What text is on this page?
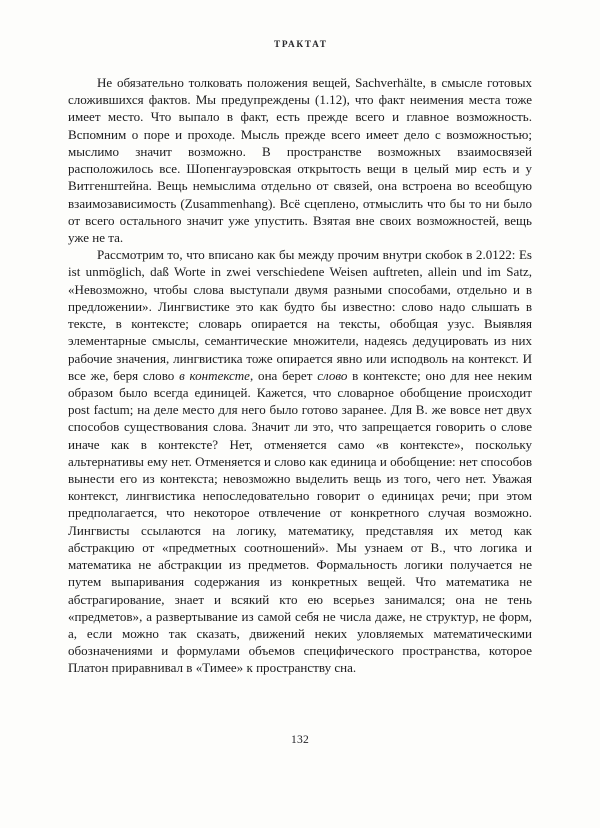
ТРАКТАТ

Не обязательно толковать положения вещей, Sachverhälte, в смысле готовых сложившихся фактов. Мы предупреждены (1.12), что факт неимения места тоже имеет место. Что выпало в факт, есть прежде всего и главное возможность. Вспомним о поре и проходе. Мысль прежде всего имеет дело с возможностью; мыслимо значит возможно. В пространстве возможных взаимосвязей расположилось все. Шопенгауэровская открытость вещи в целый мир есть и у Витгенштейна. Вещь немыслима отдельно от связей, она встроена во всеобщую взаимозависимость (Zusammenhang). Всё сцеплено, отмыслить что бы то ни было от всего остального значит уже упустить. Взятая вне своих возможностей, вещь уже не та.

Рассмотрим то, что вписано как бы между прочим внутри скобок в 2.0122: Es ist unmöglich, daß Worte in zwei verschiedene Weisen auftreten, allein und im Satz, «Невозможно, чтобы слова выступали двумя разными способами, отдельно и в предложении». Лингвистике это как будто бы известно: слово надо слышать в тексте, в контексте; словарь опирается на тексты, обобщая узус. Выявляя элементарные смыслы, семантические множители, надеясь дедуцировать из них рабочие значения, лингвистика тоже опирается явно или исподволь на контекст. И все же, беря слово в контексте, она берет слово в контексте; оно для нее неким образом было всегда единицей. Кажется, что словарное обобщение происходит post factum; на деле место для него было готово заранее. Для В. же вовсе нет двух способов существования слова. Значит ли это, что запрещается говорить о слове иначе как в контексте? Нет, отменяется само «в контексте», поскольку альтернативы ему нет. Отменяется и слово как единица и обобщение: нет способов вынести его из контекста; невозможно выделить вещь из того, чего нет. Уважая контекст, лингвистика непоследовательно говорит о единицах речи; при этом предполагается, что некоторое отвлечение от конкретного случая возможно. Лингвисты ссылаются на логику, математику, представляя их метод как абстракцию от «предметных соотношений». Мы узнаем от В., что логика и математика не абстракции из предметов. Формальность логики получается не путем выпаривания содержания из конкретных вещей. Что математика не абстрагирование, знает и всякий кто ею всерьез занимался; она не тень «предметов», а развертывание из самой себя не числа даже, не структур, не форм, а, если можно так сказать, движений неких уловляемых математическими обозначениями и формулами объемов специфического пространства, которое Платон приравнивал в «Тимее» к пространству сна.

132
